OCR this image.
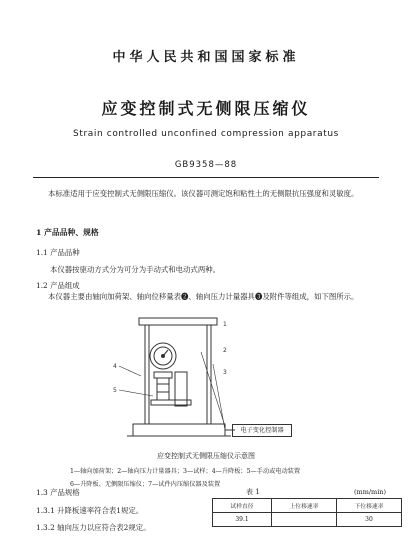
中华人民共和国国家标准
应变控制式无侧限压缩仪
Strain controlled unconfined compression apparatus
GB9358—88
本标准适用于应变控制式无侧限压缩仪。该仪器可测定饱和粘性土的无侧限抗压强度和灵敏度。
1 产品品种、规格
1.1 产品品种
本仪器按驱动方式分为可分为手动式和电动式两种。
1.2 产品组成
本仪器主要由轴向加荷架、轴向位移量表❷、轴向压力计量器具❸及附件等组成，如下图所示。
1
2
3
4
5
电子变化控制器
应变控制式无侧限压缩仪示意图
1—轴向加荷架；2—轴向压力计量器具；3—试样；4—升降板；5—手动或电动装置
6—升降板、无侧限压缩仪；7—试件内压缩仪器及装置
1.3 产品规格
1.3.1 升降板速率符合表1规定。
1.3.2 轴向压力以应符合表2规定。
表 1	(mm/min)
试样直径	上位移速率	下位移速率
39.1		30
